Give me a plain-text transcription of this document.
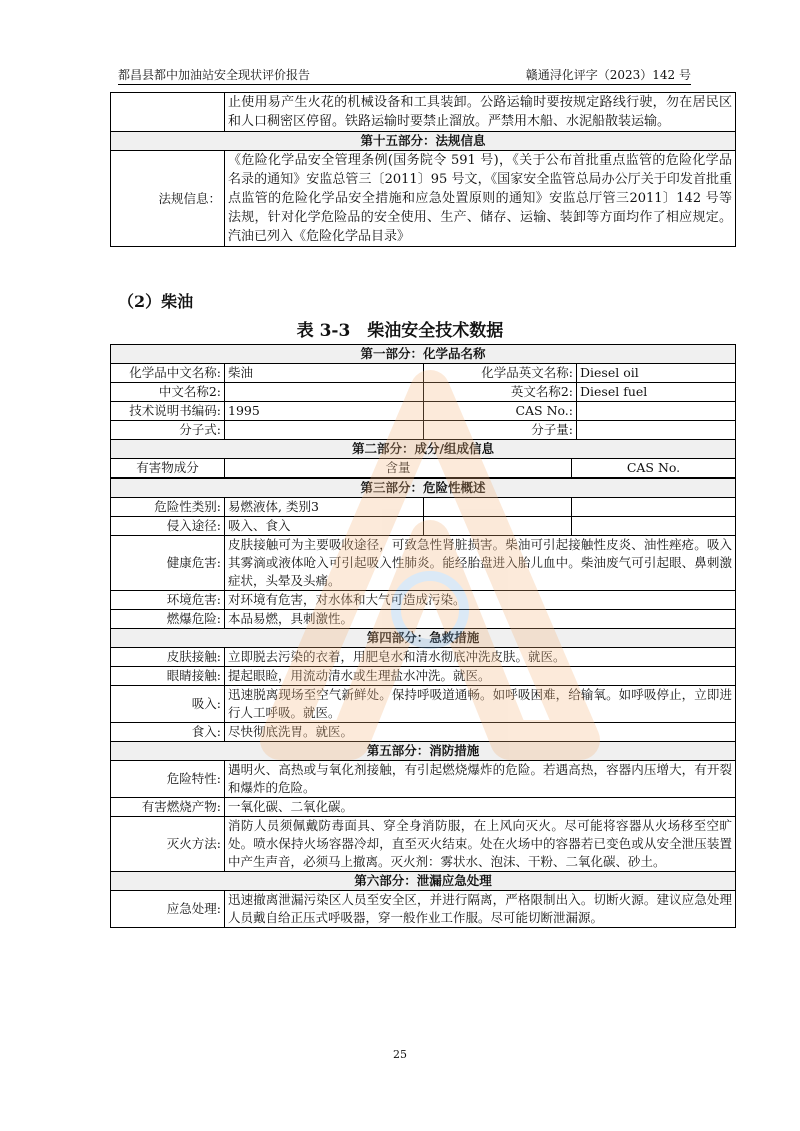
都昌县都中加油站安全现状评价报告	赣通浔化评字（2023）142 号
	止使用易产生火花的机械设备和工具装卸。公路运输时要按规定路线行驶，勿在居民区和人口稠密区停留。铁路运输时要禁止溜放。严禁用木船、水泥船散装运输。
第十五部分：法规信息	
法规信息：	《危险化学品安全管理条例(国务院令 591 号)，《关于公布首批重点监管的危险化学品名录的通知》安监总管三〔2011〕95 号文，《国家安全监管总局办公厅关于印发首批重点监管的危险化学品安全措施和应急处置原则的通知》安监总厅管三2011〕142 号等法规，针对化学危险品的安全使用、生产、储存、运输、装卸等方面均作了相应规定。汽油已列入《危险化学品目录》
（2）柴油
表 3-3　柴油安全技术数据
第一部分：化学品名称				
化学品中文名称:	柴油	化学品英文名称:		Diesel oil
中文名称2:		英文名称2:		Diesel fuel
技术说明书编码:	1995	CAS No.:		
分子式:		分子量:		
第二部分：成分/组成信息				
有害物成分	含量		CAS No.	

第三部分：危险性概述				
危险性类别:	易燃液体, 类别3			
侵入途径:	吸入、食入			
健康危害:	皮肤接触可为主要吸收途径，可致急性肾脏损害。柴油可引起接触性皮炎、油性痤疮。吸入其雾滴或液体呛入可引起吸入性肺炎。能经胎盘进入胎儿血中。柴油废气可引起眼、鼻刺激症状，头晕及头痛。			
环境危害:	对环境有危害，对水体和大气可造成污染。			
燃爆危险:	本品易燃，具刺激性。			
第四部分：急救措施				
皮肤接触:	立即脱去污染的衣着，用肥皂水和清水彻底冲洗皮肤。就医。			
眼睛接触:	提起眼睑，用流动清水或生理盐水冲洗。就医。			
吸入:	迅速脱离现场至空气新鲜处。保持呼吸道通畅。如呼吸困难，给输氧。如呼吸停止，立即进行人工呼吸。就医。			
食入:	尽快彻底洗胃。就医。			
第五部分：消防措施				
危险特性:	遇明火、高热或与氧化剂接触，有引起燃烧爆炸的危险。若遇高热，容器内压增大，有开裂和爆炸的危险。			
有害燃烧产物:	一氧化碳、二氧化碳。			
灭火方法:	消防人员须佩戴防毒面具、穿全身消防服，在上风向灭火。尽可能将容器从火场移至空旷处。喷水保持火场容器冷却，直至灭火结束。处在火场中的容器若已变色或从安全泄压装置中产生声音，必须马上撤离。灭火剂：雾状水、泡沫、干粉、二氧化碳、砂土。			
第六部分：泄漏应急处理				
应急处理:	迅速撤离泄漏污染区人员至安全区，并进行隔离，严格限制出入。切断火源。建议应急处理人员戴自给正压式呼吸器，穿一般作业工作服。尽可能切断泄漏源。			
25
